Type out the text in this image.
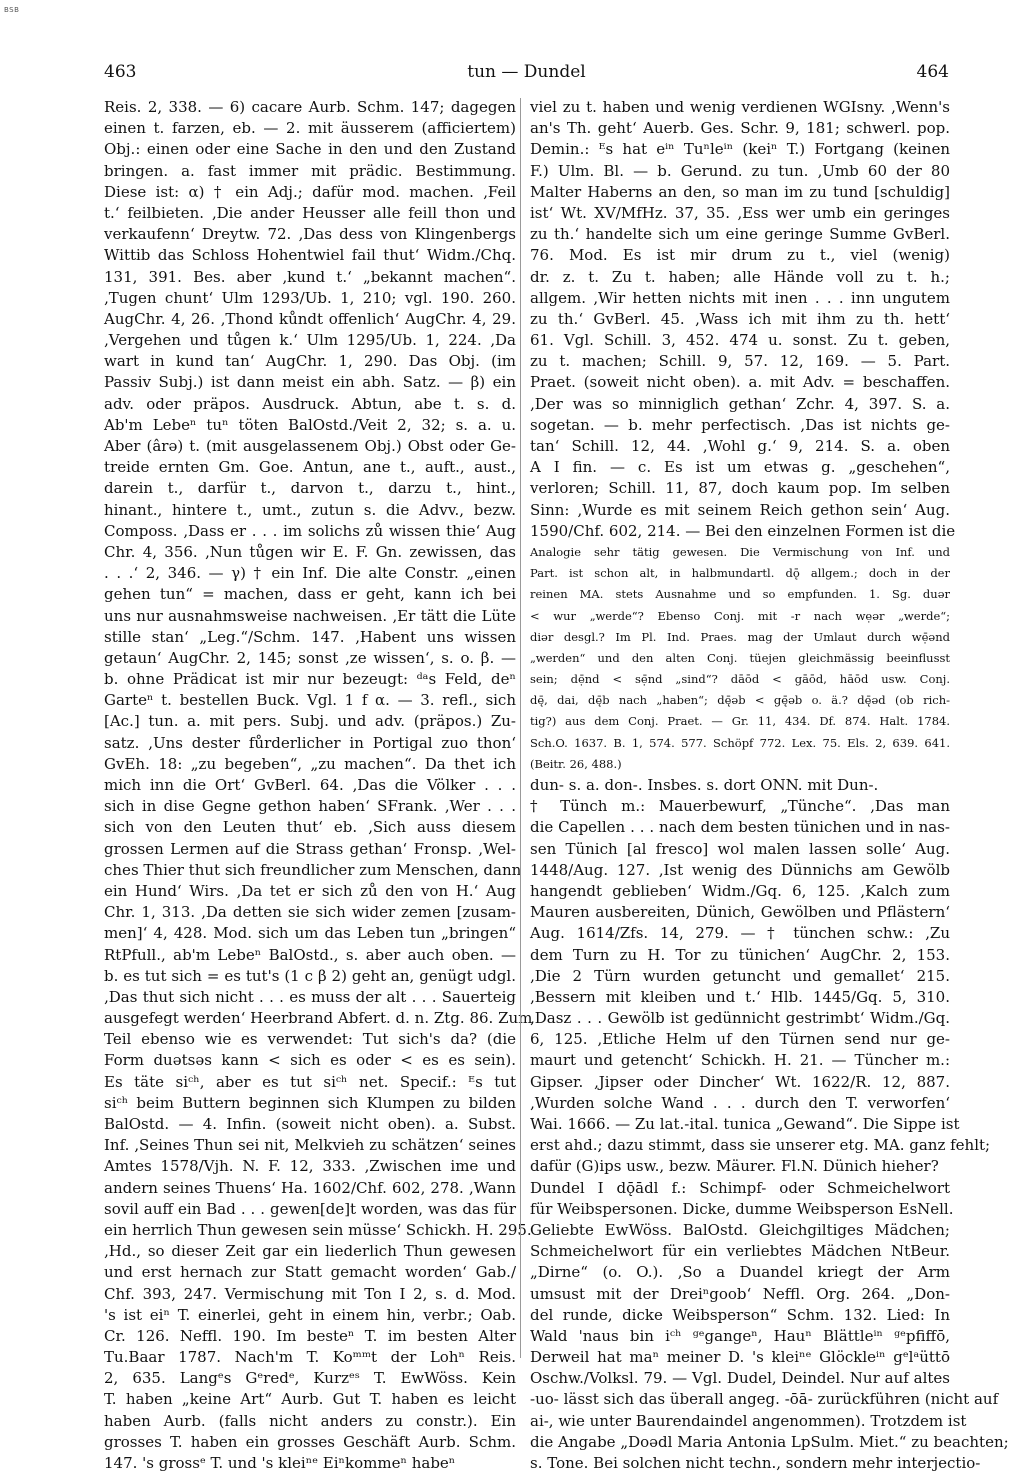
BSB
463	tun — Dundel	464
Reis. 2, 338. — 6) cacare Aurb. Schm. 147; dagegen
einen t. farzen, eb. — 2. mit äusserem (afficiertem)
Obj.: einen oder eine Sache in den und den Zustand
bringen. a. fast immer mit prädic. Bestimmung.
Diese ist: α) † ein Adj.; dafür mod. machen. ‚Feil
t.‘ feilbieten. ‚Die ander Heusser alle feill thon und
verkaufenn‘ Dreytw. 72. ‚Das dess von Klingenbergs
Wittib das Schloss Hohentwiel fail thut‘ Widm./Chq.
131, 391. Bes. aber ‚kund t.‘ „bekannt machen“.
‚Tugen chunt‘ Ulm 1293/Ub. 1, 210; vgl. 190. 260.
AugChr. 4, 26. ‚Thond kůndt offenlich‘ AugChr. 4, 29.
‚Vergehen und tůgen k.‘ Ulm 1295/Ub. 1, 224. ‚Da
wart in kund tan‘ AugChr. 1, 290. Das Obj. (im
Passiv Subj.) ist dann meist ein abh. Satz. — β) ein
adv. oder präpos. Ausdruck. Abtun, abe t. s. d.
Ab'm Lebeⁿ tuⁿ töten BalOstd./Veit 2, 32; s. a. u.
Aber (ârə) t. (mit ausgelassenem Obj.) Obst oder Ge-
treide ernten Gm. Goe. Antun, ane t., auft., aust.,
darein t., darfür t., darvon t., darzu t., hint.,
hinant., hintere t., umt., zutun s. die Advv., bezw.
Composs. ‚Dass er . . . im solichs zů wissen thie‘ Aug
Chr. 4, 356. ‚Nun tůgen wir E. F. Gn. zewissen, das
. . .‘ 2, 346. — γ) † ein Inf. Die alte Constr. „einen
gehen tun“ = machen, dass er geht, kann ich bei
uns nur ausnahmsweise nachweisen. ‚Er tätt die Lüte
stille stan‘ „Leg.“/Schm. 147. ‚Habent uns wissen
getaun‘ AugChr. 2, 145; sonst ‚ze wissen‘, s. o. β. —
b. ohne Prädicat ist mir nur bezeugt: ᵈᵃs Feld, deⁿ
Garteⁿ t. bestellen Buck. Vgl. 1 f α. — 3. refl., sich
[Ac.] tun. a. mit pers. Subj. und adv. (präpos.) Zu-
satz. ‚Uns dester fůrderlicher in Portigal zuo thon‘
GvEh. 18: „zu begeben“, „zu machen“. Da thet ich
mich inn die Ort‘ GvBerl. 64. ‚Das die Völker . . .
sich in dise Gegne gethon haben‘ SFrank. ‚Wer . . .
sich von den Leuten thut‘ eb. ‚Sich auss diesem
grossen Lermen auf die Strass gethan‘ Fronsp. ‚Wel-
ches Thier thut sich freundlicher zum Menschen, dann
ein Hund‘ Wirs. ‚Da tet er sich zů den von H.‘ Aug
Chr. 1, 313. ‚Da detten sie sich wider zemen [zusam-
men]‘ 4, 428. Mod. sich um das Leben tun „bringen“
RtPfull., ab'm Lebeⁿ BalOstd., s. aber auch oben. —
b. es tut sich = es tut's (1 c β 2) geht an, genügt udgl.
‚Das thut sich nicht . . . es muss der alt . . . Sauerteig
ausgefegt werden‘ Heerbrand Abfert. d. n. Ztg. 86. Zum
Teil ebenso wie es verwendet: Tut sich's da? (die
Form duətsəs kann < sich es oder < es es sein).
Es täte siᶜʰ, aber es tut siᶜʰ net. Specif.: ᴱs tut
siᶜʰ beim Buttern beginnen sich Klumpen zu bilden
BalOstd. — 4. Infin. (soweit nicht oben). a. Subst.
Inf. ‚Seines Thun sei nit, Melkvieh zu schätzen‘ seines
Amtes 1578/Vjh. N. F. 12, 333. ‚Zwischen ime und
andern seines Thuens‘ Ha. 1602/Chf. 602, 278. ‚Wann
sovil auff ein Bad . . . gewen[de]t worden, was das für
ein herrlich Thun gewesen sein müsse‘ Schickh. H. 295.
‚Hd., so dieser Zeit gar ein liederlich Thun gewesen
und erst hernach zur Statt gemacht worden‘ Gab./
Chf. 393, 247. Vermischung mit Ton I 2, s. d. Mod.
's ist eiⁿ T. einerlei, geht in einem hin, verbr.; Oab.
Cr. 126. Neffl. 190. Im besteⁿ T. im besten Alter
Tu.Baar 1787. Nach'm T. Koᵐᵐt der Lohⁿ Reis.
2, 635. Langᵉs Gᵉredᵉ, Kurzᵉˢ T. EwWöss. Kein
T. haben „keine Art“ Aurb. Gut T. haben es leicht
haben Aurb. (falls nicht anders zu constr.). Ein
grosses T. haben ein grosses Geschäft Aurb. Schm.
147. 's grossᵉ T. und 's kleiⁿᵉ Eiⁿkommeⁿ habeⁿ
viel zu t. haben und wenig verdienen WGIsny. ‚Wenn's
an's Th. geht‘ Auerb. Ges. Schr. 9, 181; schwerl. pop.
Demin.: ᴱs hat eⁱⁿ Tuⁿleⁱⁿ (keiⁿ T.) Fortgang (keinen
F.) Ulm. Bl. — b. Gerund. zu tun. ‚Umb 60 der 80
Malter Haberns an den, so man im zu tund [schuldig]
ist‘ Wt. XV/MfHz. 37, 35. ‚Ess wer umb ein geringes
zu th.‘ handelte sich um eine geringe Summe GvBerl.
76. Mod. Es ist mir drum zu t., viel (wenig)
dr. z. t. Zu t. haben; alle Hände voll zu t. h.;
allgem. ‚Wir hetten nichts mit inen . . . inn ungutem
zu th.‘ GvBerl. 45. ‚Wass ich mit ihm zu th. hett‘
61. Vgl. Schill. 3, 452. 474 u. sonst. Zu t. geben,
zu t. machen; Schill. 9, 57. 12, 169. — 5. Part.
Praet. (soweit nicht oben). a. mit Adv. = beschaffen.
‚Der was so minniglich gethan‘ Zchr. 4, 397. S. a.
sogetan. — b. mehr perfectisch. ‚Das ist nichts ge-
tan‘ Schill. 12, 44. ‚Wohl g.‘ 9, 214. S. a. oben
A I fin. — c. Es ist um etwas g. „geschehen“,
verloren; Schill. 11, 87, doch kaum pop. Im selben
Sinn: ‚Wurde es mit seinem Reich gethon sein‘ Aug.
1590/Chf. 602, 214. — Bei den einzelnen Formen ist die
Analogie sehr tätig gewesen. Die Vermischung von Inf. und
Part. ist schon alt, in halbmundartl. dǭ allgem.; doch in der
reinen MA. stets Ausnahme und so empfunden. 1. Sg. duər
< wur „werde“? Ebenso Conj. mit -r nach wẹər „werde“;
diər desgl.? Im Pl. Ind. Praes. mag der Umlaut durch wẹ̄ənd
„werden“ und den alten Conj. tüejen gleichmässig beeinflusst
sein; dẹ̄nd < sẹ̄nd „sind“? dāōd < gāōd, hāōd usw. Conj.
dę̄, dai, dę̄b nach „haben“; dę̄əb < gę̄əb o. ä.? dę̄əd (ob rich-
tig?) aus dem Conj. Praet. — Gr. 11, 434. Df. 874. Halt. 1784.
Sch.O. 1637. B. 1, 574. 577. Schöpf 772. Lex. 75. Els. 2, 639. 641.
(Beitr. 26, 488.)
dun- s. a. don-. Insbes. s. dort ONN. mit Dun-.
† Tünch m.: Mauerbewurf, „Tünche“. ‚Das man
die Capellen . . . nach dem besten tünichen und in nas-
sen Tünich [al fresco] wol malen lassen solle‘ Aug.
1448/Aug. 127. ‚Ist wenig des Dünnichs am Gewölb
hangendt geblieben‘ Widm./Gq. 6, 125. ‚Kalch zum
Mauren ausbereiten, Dünich, Gewölben und Pflästern‘
Aug. 1614/Zfs. 14, 279. — † tünchen schw.: ‚Zu
dem Turn zu H. Tor zu tünichen‘ AugChr. 2, 153.
‚Die 2 Türn wurden getuncht und gemallet‘ 215.
‚Bessern mit kleiben und t.‘ Hlb. 1445/Gq. 5, 310.
‚Dasz . . . Gewölb ist gedünnicht gestrimbt‘ Widm./Gq.
6, 125. ‚Etliche Helm uf den Türnen send nur ge-
maurt und getencht‘ Schickh. H. 21. — Tüncher m.:
Gipser. ‚Jipser oder Dincher‘ Wt. 1622/R. 12, 887.
‚Wurden solche Wand . . . durch den T. verworfen‘
Wai. 1666. — Zu lat.-ital. tunica „Gewand“. Die Sippe ist
erst ahd.; dazu stimmt, dass sie unserer etg. MA. ganz fehlt;
dafür (G)ips usw., bezw. Mäurer. Fl.N. Dünich hieher?
Dundel I dǭādl f.: Schimpf- oder Schmeichelwort
für Weibspersonen. Dicke, dumme Weibsperson EsNell.
Geliebte EwWöss. BalOstd. Gleichgiltiges Mädchen;
Schmeichelwort für ein verliebtes Mädchen NtBeur.
„Dirne“ (o. O.). ‚So a Duandel kriegt der Arm
umsust mit der Dreiⁿgoob‘ Neffl. Org. 264. „Don-
del runde, dicke Weibsperson“ Schm. 132. Lied: In
Wald 'naus bin iᶜʰ ᵍᵉgangeⁿ, Hauⁿ Blättleⁱⁿ ᵍᵉpfiffō,
Derweil hat maⁿ meiner D. 's kleiⁿᵉ Glöckleⁱⁿ gᵉlᵃüttō
Oschw./Volksl. 79. — Vgl. Dudel, Deindel. Nur auf altes
-uo- lässt sich das überall angeg. -ōā- zurückführen (nicht auf
ai-, wie unter Baurendaindel angenommen). Trotzdem ist
die Angabe „Doədl Maria Antonia LpSulm. Miet.“ zu beachten;
s. Tone. Bei solchen nicht techn., sondern mehr interjectio-
